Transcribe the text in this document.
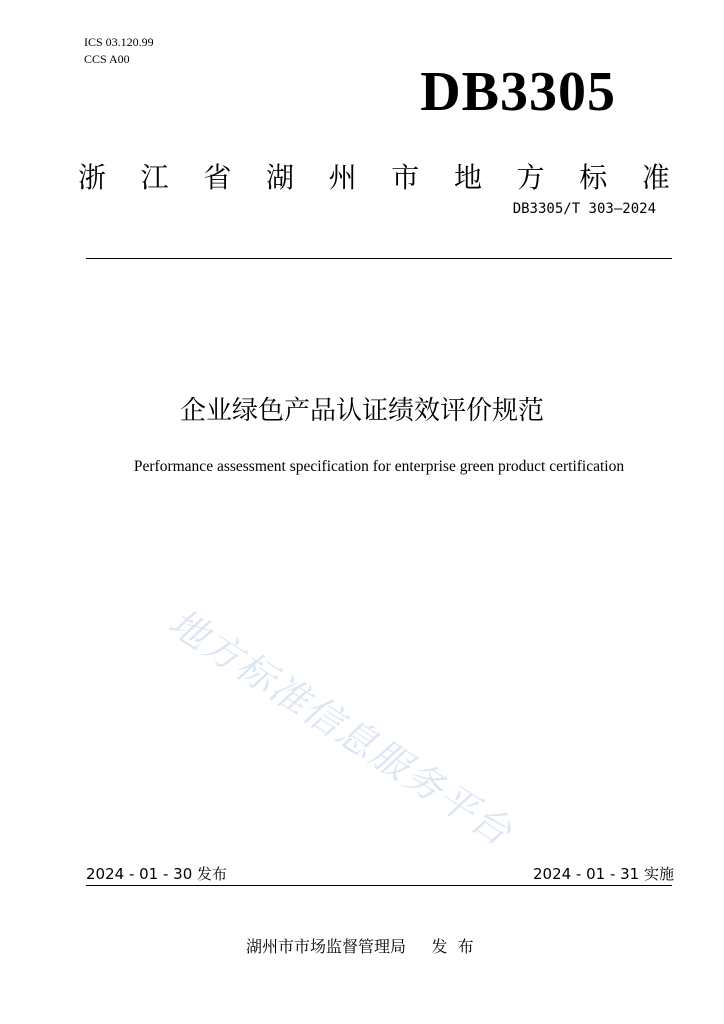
ICS 03.120.99
CCS A00
DB3305
浙 江 省 湖 州 市 地 方 标 准
DB3305/T 303—2024
企业绿色产品认证绩效评价规范
Performance assessment specification for enterprise green product certification
地方标准信息服务平台
2024 - 01 - 30 发布	2024 - 01 - 31 实施
湖州市市场监督管理局     发  布
